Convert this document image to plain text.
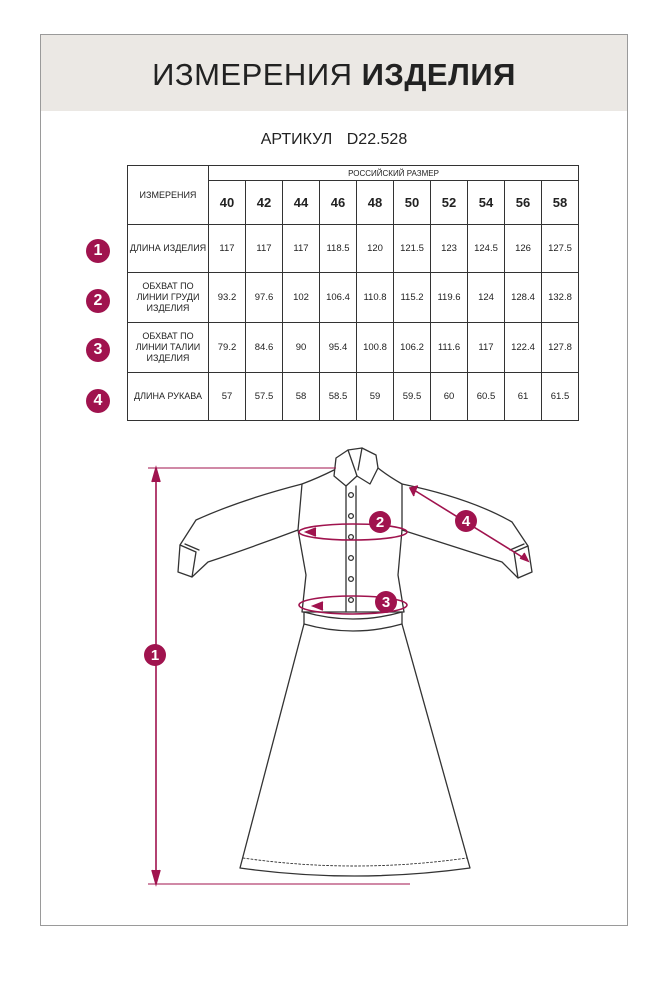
1
2
3
4
ИЗМЕРЕНИЯ ИЗДЕЛИЯ
АРТИКУЛ D22.528
ИЗМЕРЕНИЯ	РОССИЙСКИЙ РАЗМЕР									
	40	42	44	46	48	50	52	54	56	58
ДЛИНА ИЗДЕЛИЯ	117	117	117	118.5	120	121.5	123	124.5	126	127.5
ОБХВАТ ПО ЛИНИИ ГРУДИ ИЗДЕЛИЯ	93.2	97.6	102	106.4	110.8	115.2	119.6	124	128.4	132.8
ОБХВАТ ПО ЛИНИИ ТАЛИИ ИЗДЕЛИЯ	79.2	84.6	90	95.4	100.8	106.2	111.6	117	122.4	127.8
ДЛИНА РУКАВА	57	57.5	58	58.5	59	59.5	60	60.5	61	61.5
1
2
3
4
